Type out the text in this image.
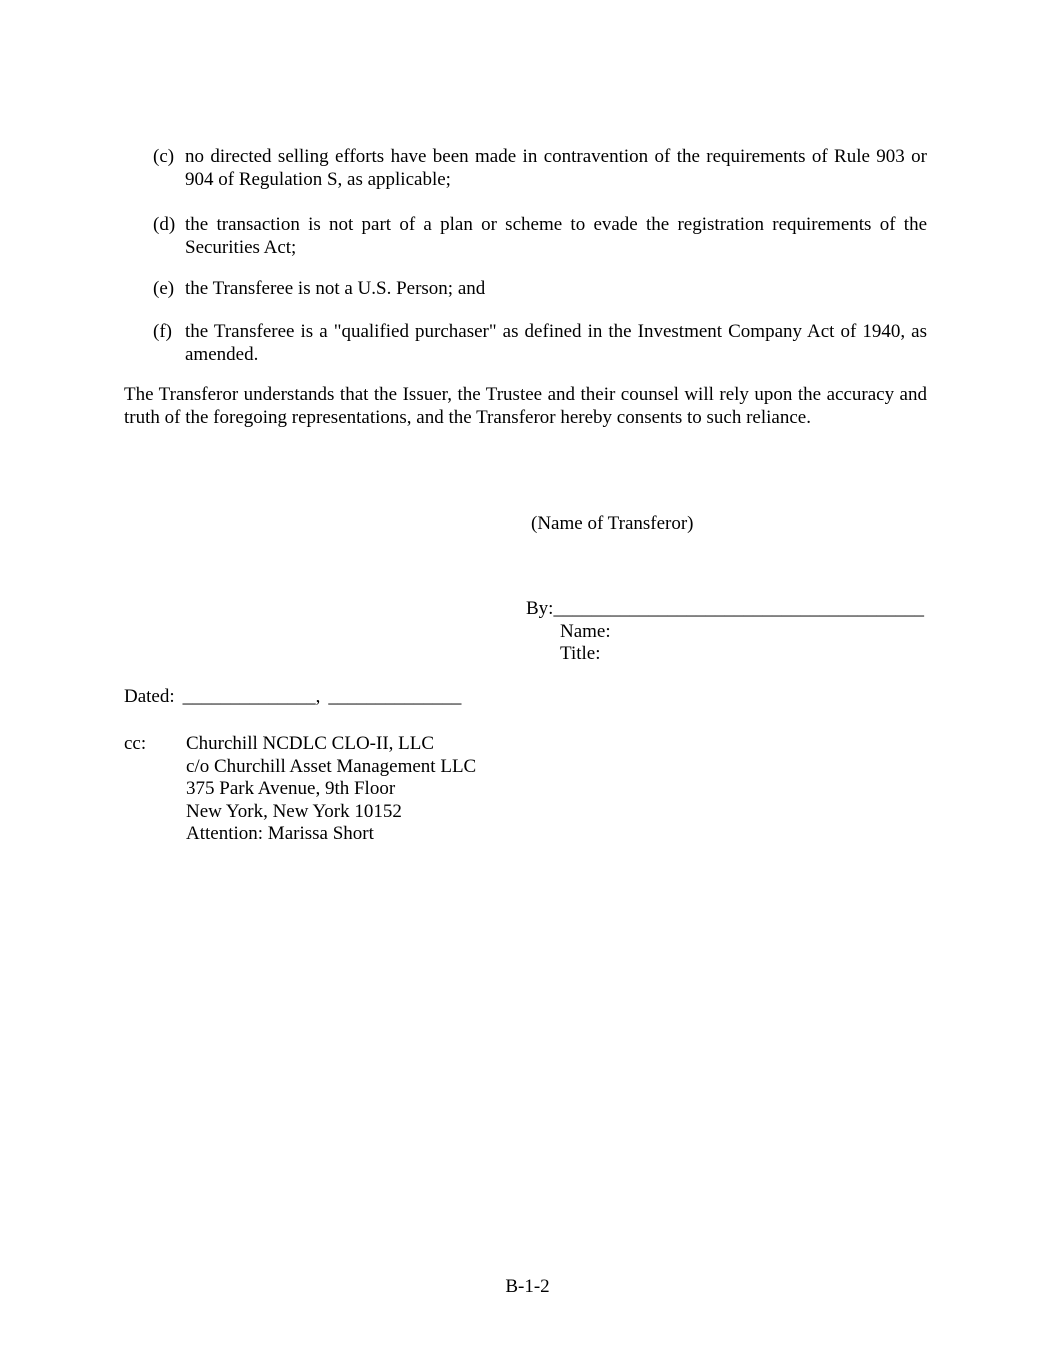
(c) no directed selling efforts have been made in contravention of the requirements of Rule 903 or 904 of Regulation S, as applicable;
(d) the transaction is not part of a plan or scheme to evade the registration requirements of the Securities Act;
(e) the Transferee is not a U.S. Person; and
(f) the Transferee is a "qualified purchaser" as defined in the Investment Company Act of 1940, as amended.
The Transferor understands that the Issuer, the Trustee and their counsel will rely upon the accuracy and truth of the foregoing representations, and the Transferor hereby consents to such reliance.
(Name of Transferor)
By:_______________________________________
Name:
Title:
Dated: ______________, ______________
cc:	Churchill NCDLC CLO-II, LLC
c/o Churchill Asset Management LLC
375 Park Avenue, 9th Floor
New York, New York 10152
Attention: Marissa Short
B-1-2
